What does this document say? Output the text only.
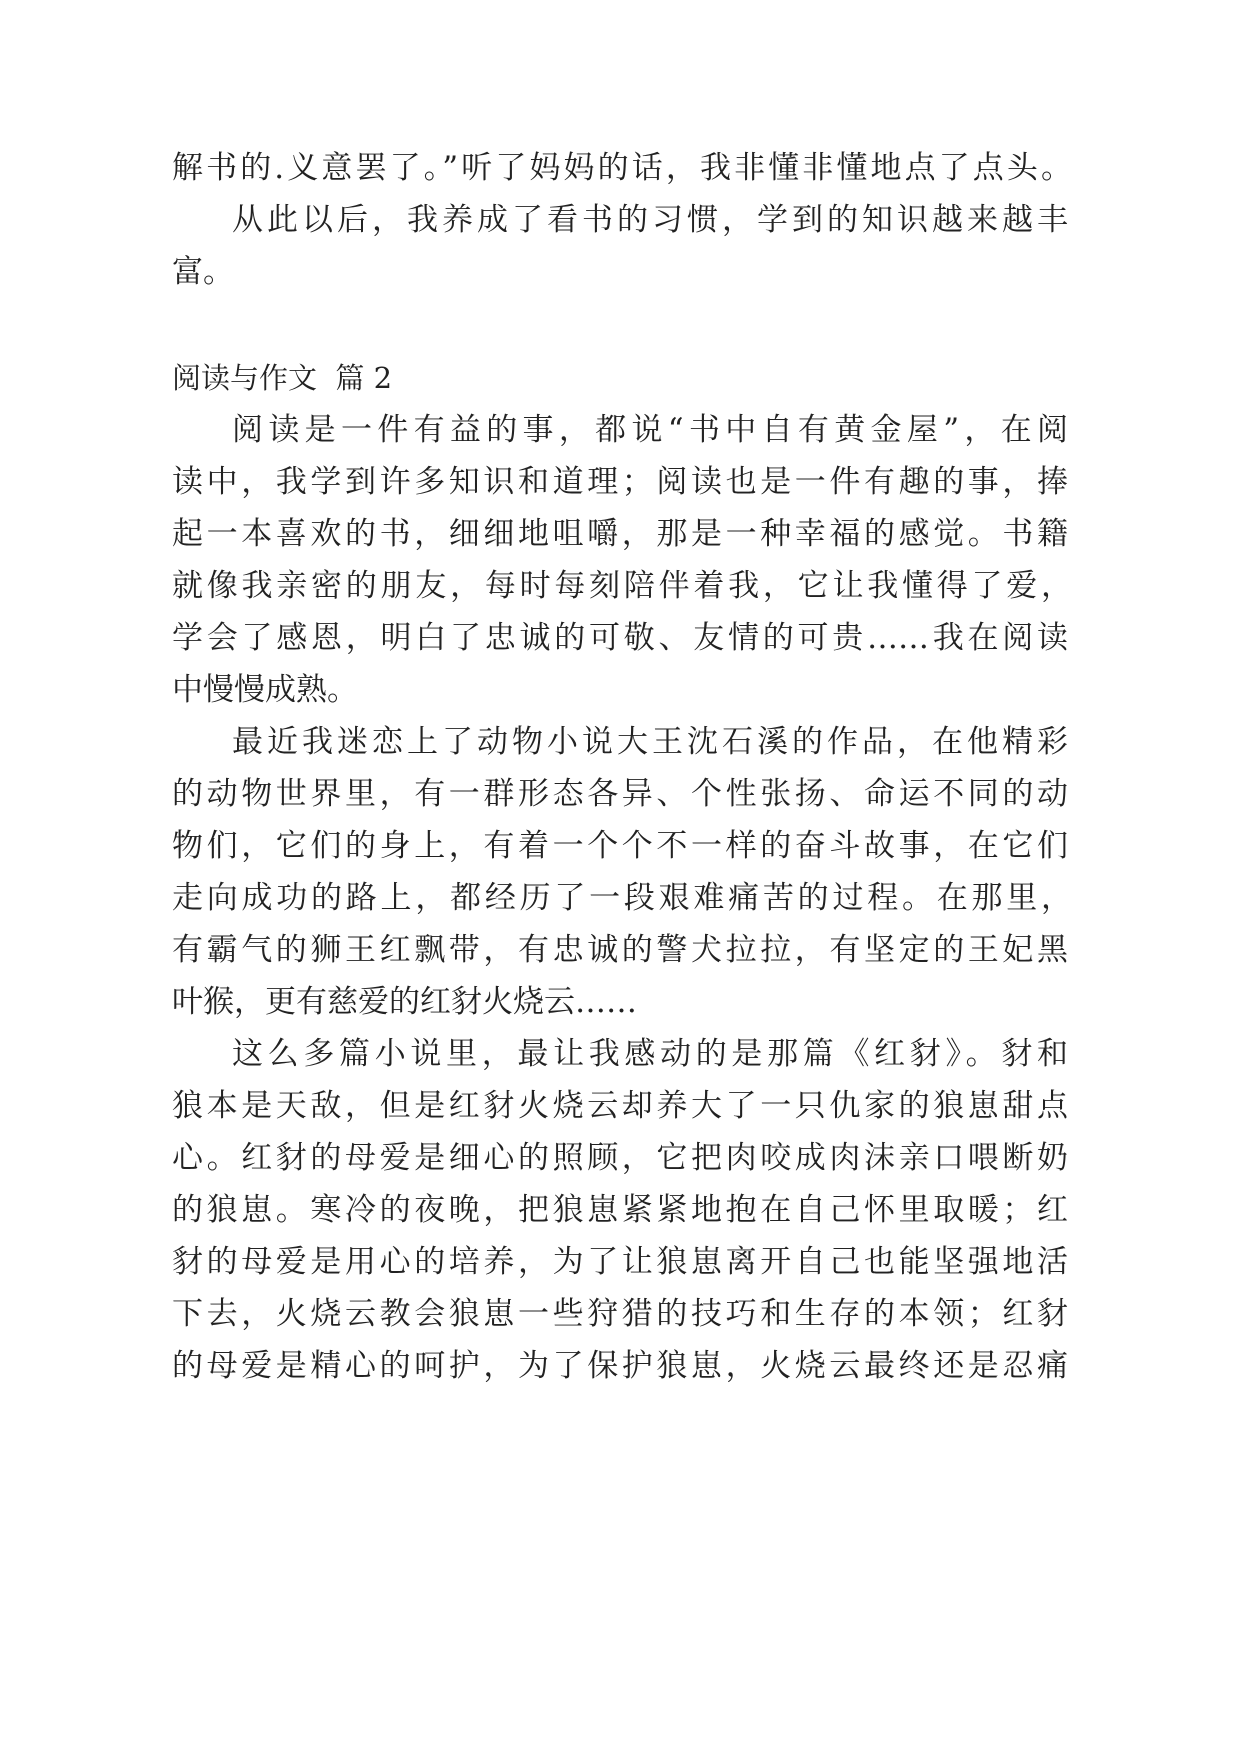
解书的.义意罢了。”听了妈妈的话，我非懂非懂地点了点头。

从此以后，我养成了看书的习惯，学到的知识越来越丰

富。

阅读与作文  篇 2

阅读是一件有益的事，都说“书中自有黄金屋”，在阅

读中，我学到许多知识和道理；阅读也是一件有趣的事，捧

起一本喜欢的书，细细地咀嚼，那是一种幸福的感觉。书籍

就像我亲密的朋友，每时每刻陪伴着我，它让我懂得了爱，

学会了感恩，明白了忠诚的可敬、友情的可贵……我在阅读

中慢慢成熟。

最近我迷恋上了动物小说大王沈石溪的作品，在他精彩

的动物世界里，有一群形态各异、个性张扬、命运不同的动

物们，它们的身上，有着一个个不一样的奋斗故事，在它们

走向成功的路上，都经历了一段艰难痛苦的过程。在那里，

有霸气的狮王红飘带，有忠诚的警犬拉拉，有坚定的王妃黑

叶猴，更有慈爱的红豺火烧云……

这么多篇小说里，最让我感动的是那篇《红豺》。豺和

狼本是天敌，但是红豺火烧云却养大了一只仇家的狼崽甜点

心。红豺的母爱是细心的照顾，它把肉咬成肉沫亲口喂断奶

的狼崽。寒冷的夜晚，把狼崽紧紧地抱在自己怀里取暖；红

豺的母爱是用心的培养，为了让狼崽离开自己也能坚强地活

下去，火烧云教会狼崽一些狩猎的技巧和生存的本领；红豺

的母爱是精心的呵护，为了保护狼崽，火烧云最终还是忍痛
